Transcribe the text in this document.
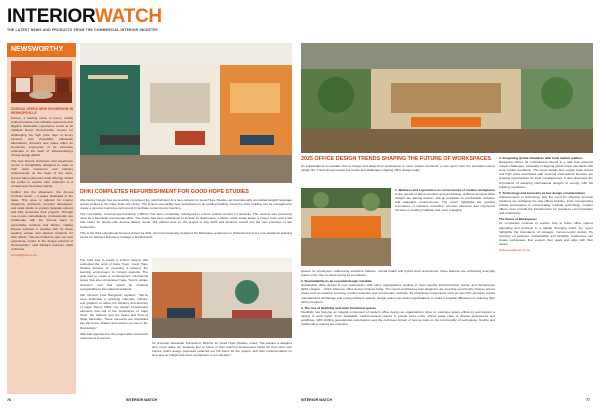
INTERIORWATCH
THE LATEST NEWS AND PRODUCTS FROM THE COMMERCIAL INTERIOR INDUSTRY
NEWSWORTHY
ZOROXA OPENS NEW SHOWROOM IN HENNOPSVILLE

Zoroxa, a leading name in luxury, locally crafted furniture, has officially opened its new flagship destination experience centre at 10 Oakfield Road, Hennopsville. Known for challenging the high price tags of luxury furniture with thoughtful, affordable alternatives, Zoroxa's new space offers an immersive experience of its extensive collection in the heart of Johannesburg's vibrant design district.

The new Zoroxa showroom and experience centre is thoughtfully designed to cater to both retail customers and industry professionals. At the heart of the store, Zoroxa Salon (Zoroxa's retail offering) invites the public to explore their collection in a curated and immersive setting.

Further into the showroom, the Zoroxa Contract studio – a space dedicated to the trade. This area is tailored for interior designers, architects, property developers, and retail clients to explore bespoke options and fully customise their projects. Through one-on-one consultations, professionals can collaborate with the Zoroxa team to personalise furniture and fabrics, making Zoroxa Contract a creative hub for those seeking unique and tailored solutions for their clients. "We are thrilled to open our new experience centre in the design precinct of Hennopsville," said Richard Andrews, CEO of Zoroxa.

zoroxa@zhk.co.za
DHKI COMPLETES REFURBISHMENT FOR GOOD HOPE STUDIES

dhk Interior Design has successfully completed the refurbishment of a new campus for Good Hope Studies, an internationally accredited English language school located in the Cape Town city centre. The project exemplifies how workspaces in an existing building owned by older building can be reimagined to create a dynamic learning environment to facilitate contemporary learning.

The new facility, covering approximately 1,250m², has been completely redesigned to ensure optimal comfort for students. The campus was previously used as a beneficial commercial office. The space has been redesigned to include 11 classrooms, a library, study break areas, a prayer room and a deli that caters for people with diverse dietary needs. dhk started work on the project in July 2025 and students moved into the new premises in late September.

This is the third educational-focused project for dhki, who has previously designed the Mofupane residences in Stellenbosch and a new academic learning centre for Mahaya Discovery College in Rondebosch.

The brief was to create a school campus that embodied the spirit of Cape Town. Good Hope Studies focuses on providing a relaxed, fun learning environment for foreign students. The goal was to create a contemporary educational space that also showcased Cape Town's unique character and that would be instantly recognisable to international students.

dhk Director Lisa Bergstedt explains: "We've been deliberate in selecting materials, colours, and graphics to reflect the vibrancy and diversity of Cape Town's CBD. Our design incorporates elements that call to the landscapes of Cape Town, the harbour and the fauna and flora of Table Mountain. These elements are translated into the forms, shapes and colours you see in the final design."

dhki was appointed to the project after successful response to a request

for proposal. Alexander Kotzenbort, Director for Good Hope Studies, noted: "We wanted a designer who could make our students feel at home in their learning environment whilst far from their own homes. dhki's design proposals reflected our full vision for the project, and their implementation on time and on budget has been a testament to our decision."

76	INTERIOR WATCH
2025 OFFICE DESIGN TRENDS SHAPING THE FUTURE OF WORKSPACES

As organisations re-evaluate how to design and adapt their workspaces to meet modern demands, a new report from the specialist interior design firm Trend Group reveals the trends and challenges shaping office design today.

1. Wellness and ergonomics as cornerstones of modern workplaces

In the pursuit of talent retention and productivity, wellness-focused office designs are gaining traction, with an emphasis on comfortable, inclusive and adaptable environments. The report highlights the growing importance of wellness amenities, acoustic elements and ergonomic furniture in creating healthier and more engaging

spaces for employees. Addressing workforce balance, mental health and hybrid work preferences, these features are enhancing everyday teams in the 'live' to stand strong as companies.

2. Sustainability as an essential design mandate

Sustainable office design is now mainstream, with many organisations working to meet specific Environmental, Social, and Governance (ESG) targets – which influence office design choices today. The report emphasises how designers are sourcing eco-friendly choices across areas such as material sourcing, product selection and construction methods. By prioritising components such as low-VOC products, locally manufactured furnishings and energy-efficient spaces, design teams can assist organisations to make a tangible difference in reducing their carbon footprint.

3. The rise of flexibility and multi-functional spaces

Flexibility has become an integral component of modern office design as organisations strive to maximise space efficiency and support a variety of work styles. From adaptable, multi-functional spaces to private focus pods, offices today cater to diverse preferences and workflows. With shifting generational expectations and the continued impact of remote work on the functionality of workplaces, flexible and collaborative spaces are essential.

4. Integrating global standards with local market realities

Designing offices for multinational clients is a task that presents unique challenges, especially in aligning global brand standards with local market conditions. The report details how supply chain issues and high costs associated with sourcing international furniture are creating opportunities for local manufacturers. It also discusses the importance of adapting international designs to comply with SA building regulations.

5. Technology and acoustics as key design considerations

Advancements in technology and the need for effective acoustic solutions are reshaping the way offices function. From incorporating private workspaces to incorporating modular technology, modern offices must provide the infrastructure for seamless communication and productivity.

The future of Workspaces

As companies continue to explore how to foster office spaces appealing and practical in a rapidly changing world, the report highlights the importance of strategic, human-centric design. By focusing on wellness, sustainability and flexibility, businesses can create workspaces that support their goals and align with their values.

www.trendgroup.co.za
INTERIOR WATCH	77
